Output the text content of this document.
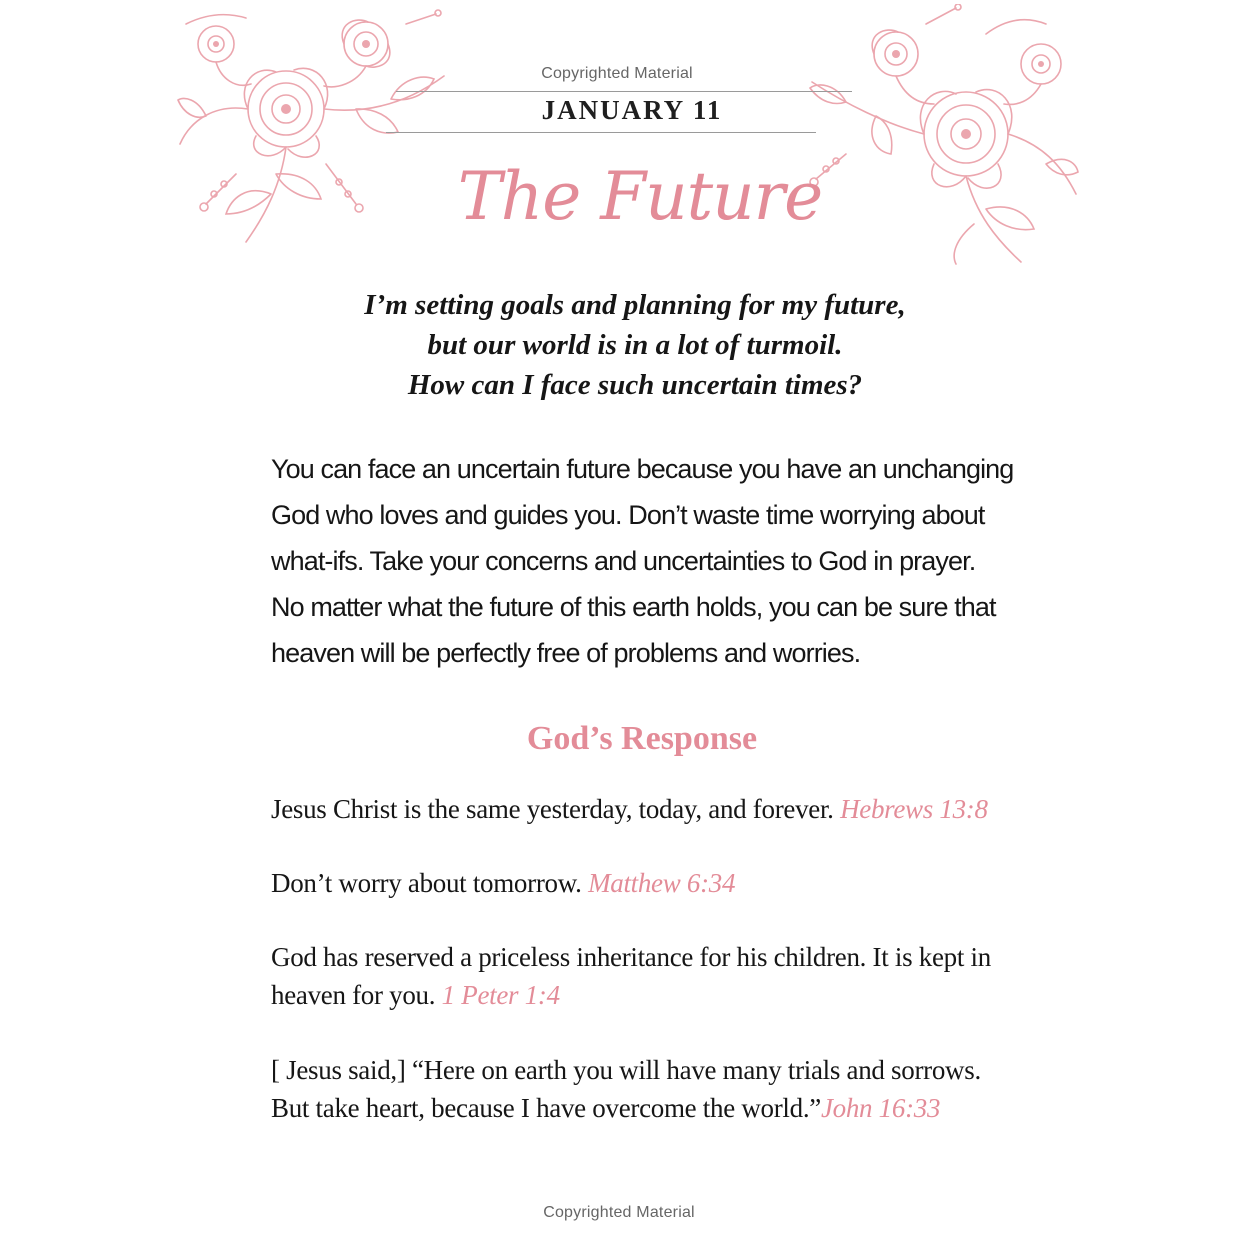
Copyrighted Material
JANUARY 11
The Future
I’m setting goals and planning for my future,
but our world is in a lot of turmoil.
How can I face such uncertain times?
You can face an uncertain future because you have an unchanging
God who loves and guides you. Don’t waste time worrying about
what-ifs. Take your concerns and uncertainties to God in prayer.
No matter what the future of this earth holds, you can be sure that
heaven will be perfectly free of problems and worries.
God’s Response
Jesus Christ is the same yesterday, today, and forever. Hebrews 13:8
Don’t worry about tomorrow. Matthew 6:34
God has reserved a priceless inheritance for his children. It is kept in
heaven for you. 1 Peter 1:4
[ Jesus said,] “Here on earth you will have many trials and sorrows.
But take heart, because I have overcome the world.”John 16:33
Copyrighted Material
